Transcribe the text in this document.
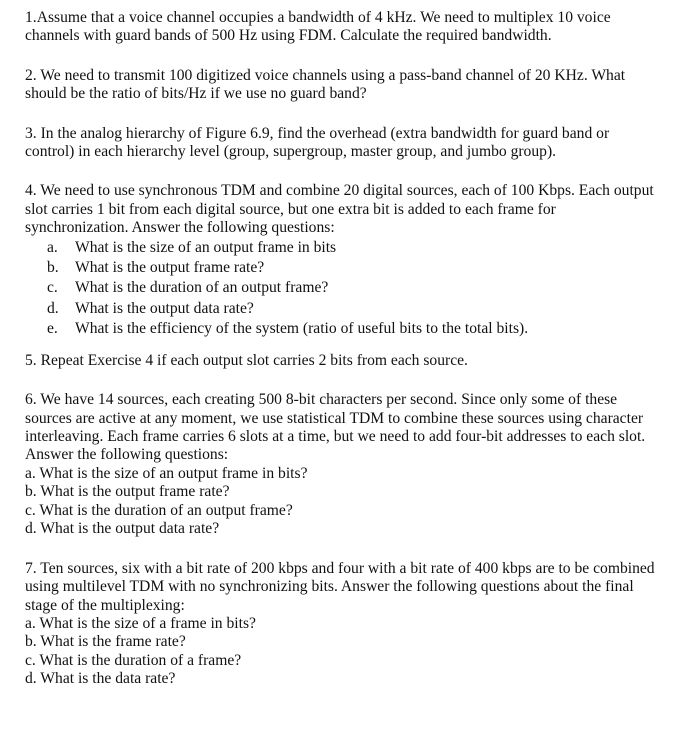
1.Assume that a voice channel occupies a bandwidth of 4 kHz. We need to multiplex 10 voice channels with guard bands of 500 Hz using FDM. Calculate the required bandwidth.

2. We need to transmit 100 digitized voice channels using a pass-band channel of 20 KHz. What should be the ratio of bits/Hz if we use no guard band?

3. In the analog hierarchy of Figure 6.9, find the overhead (extra bandwidth for guard band or control) in each hierarchy level (group, supergroup, master group, and jumbo group).

4. We need to use synchronous TDM and combine 20 digital sources, each of 100 Kbps. Each output slot carries 1 bit from each digital source, but one extra bit is added to each frame for synchronization. Answer the following questions:

a. What is the size of an output frame in bits
b. What is the output frame rate?
c. What is the duration of an output frame?
d. What is the output data rate?
e. What is the efficiency of the system (ratio of useful bits to the total bits).

5. Repeat Exercise 4 if each output slot carries 2 bits from each source.

6. We have 14 sources, each creating 500 8-bit characters per second. Since only some of these sources are active at any moment, we use statistical TDM to combine these sources using character interleaving. Each frame carries 6 slots at a time, but we need to add four-bit addresses to each slot. Answer the following questions:

a. What is the size of an output frame in bits?
b. What is the output frame rate?
c. What is the duration of an output frame?
d. What is the output data rate?

7. Ten sources, six with a bit rate of 200 kbps and four with a bit rate of 400 kbps are to be combined using multilevel TDM with no synchronizing bits. Answer the following questions about the final stage of the multiplexing:

a. What is the size of a frame in bits?
b. What is the frame rate?
c. What is the duration of a frame?
d. What is the data rate?
